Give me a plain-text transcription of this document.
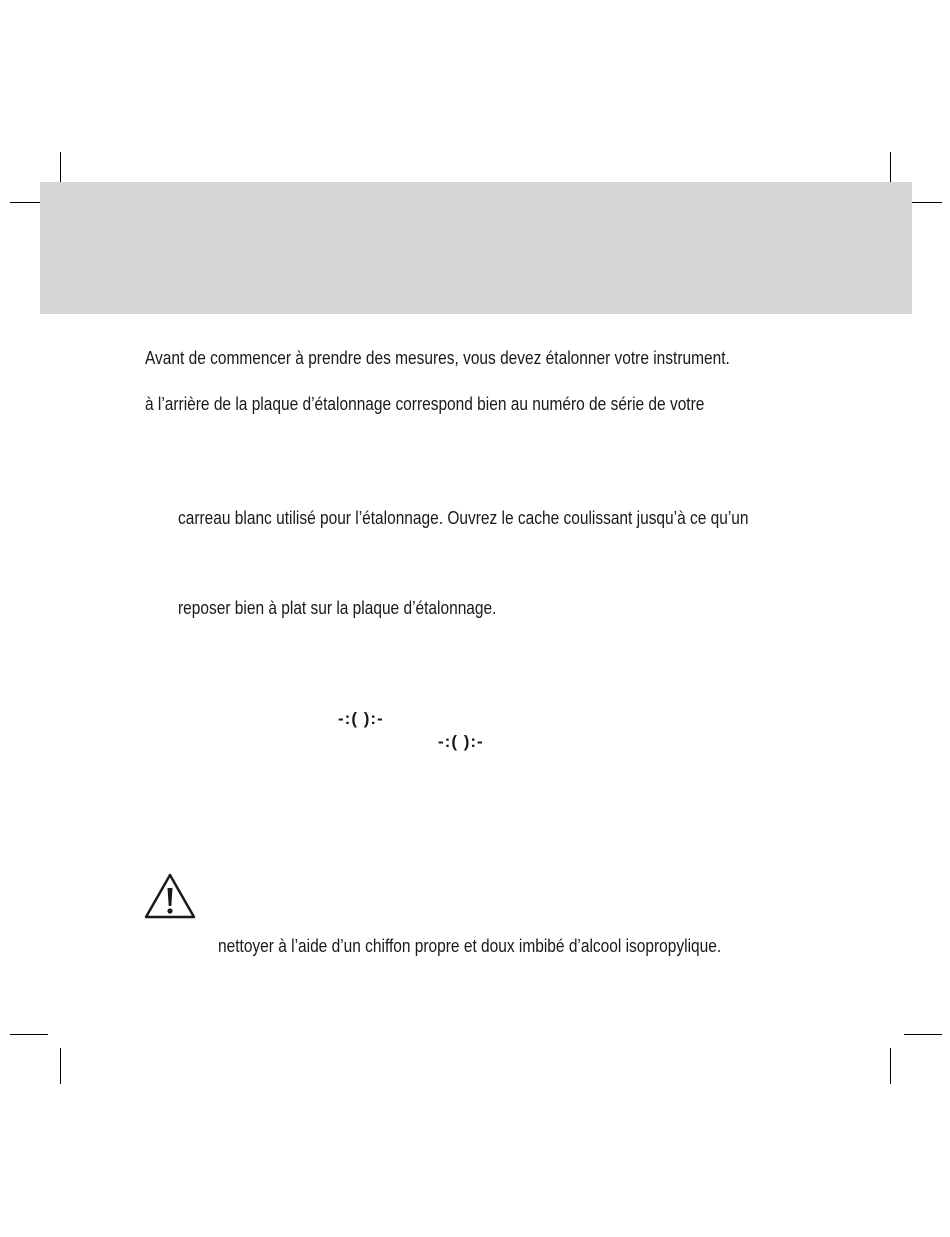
Avant de commencer à prendre des mesures, vous devez étalonner votre instrument.
à l’arrière de la plaque d’étalonnage correspond bien au numéro de série de votre
carreau blanc utilisé pour l’étalonnage. Ouvrez le cache coulissant jusqu’à ce qu’un
reposer bien à plat sur la plaque d’étalonnage.
-:( ):-
-:( ):-
nettoyer à l’aide d’un chiffon propre et doux imbibé d’alcool isopropylique.
